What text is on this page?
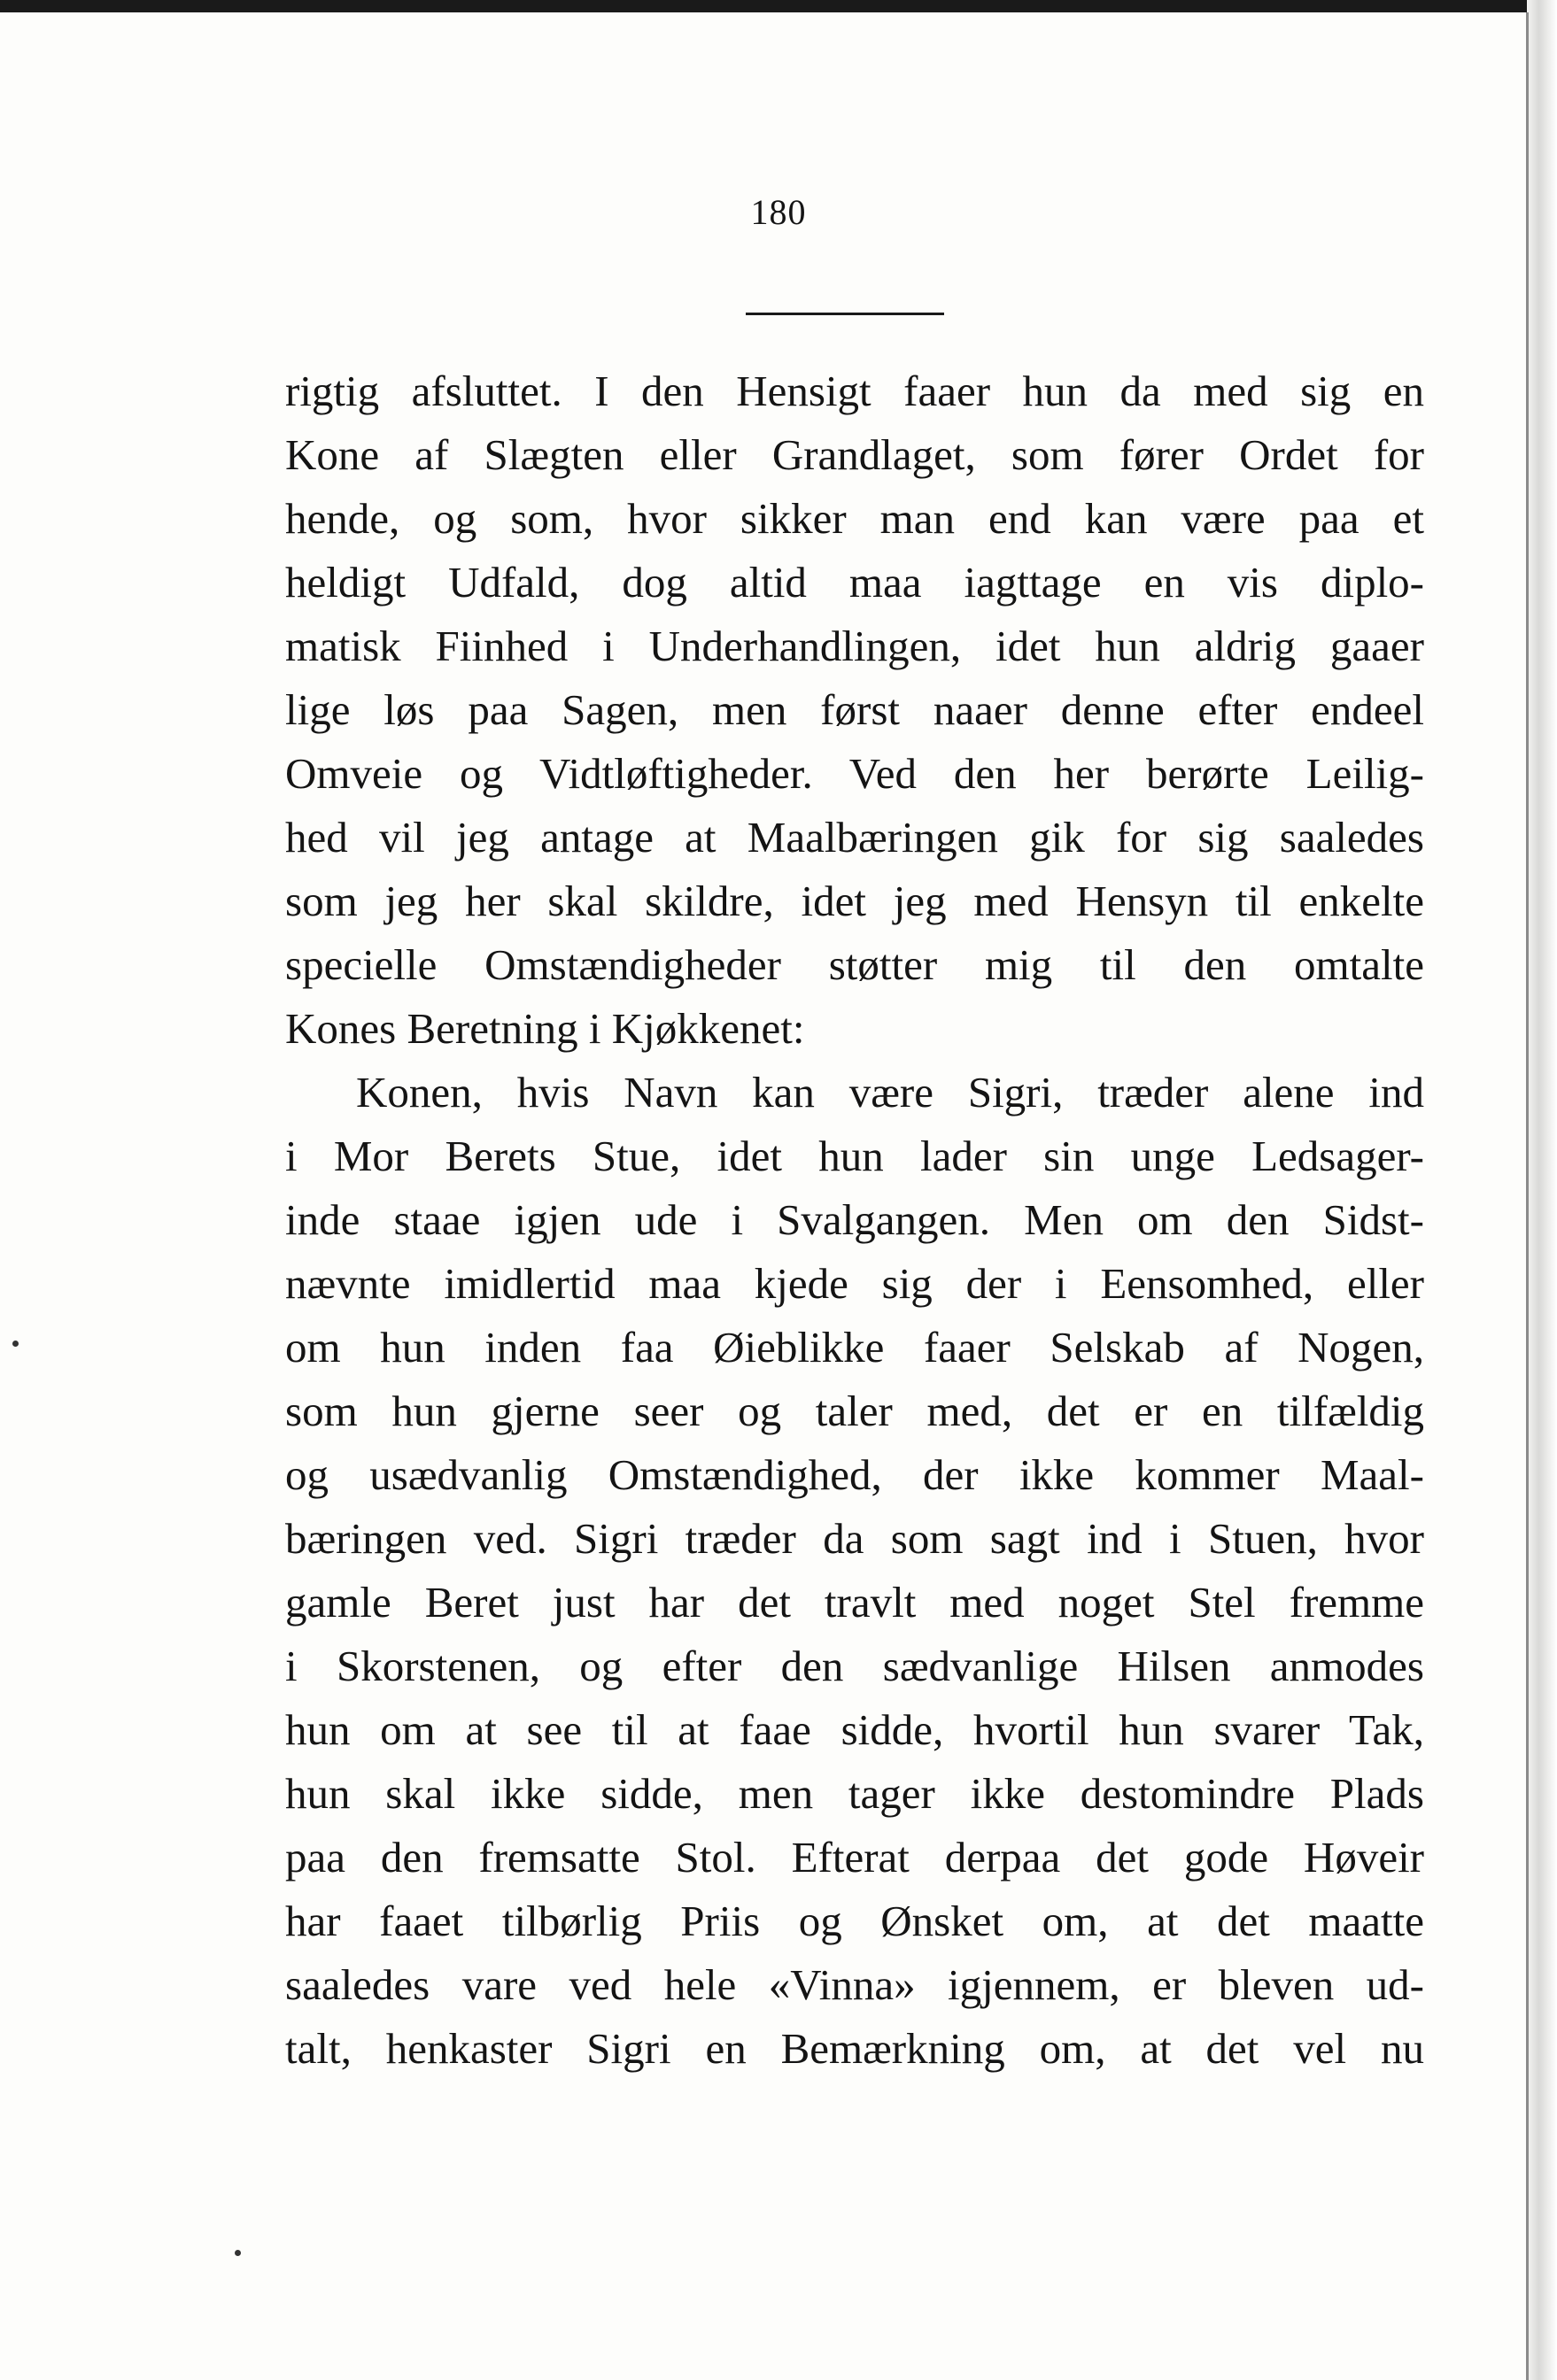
180
rigtig afsluttet. I den Hensigt faaer hun da med sig en
Kone af Slægten eller Grandlaget, som fører Ordet for
hende, og som, hvor sikker man end kan være paa et
heldigt Udfald, dog altid maa iagttage en vis diplo-
matisk Fiinhed i Underhandlingen, idet hun aldrig gaaer
lige løs paa Sagen, men først naaer denne efter endeel
Omveie og Vidtløftigheder. Ved den her berørte Leilig-
hed vil jeg antage at Maalbæringen gik for sig saaledes
som jeg her skal skildre, idet jeg med Hensyn til enkelte
specielle Omstændigheder støtter mig til den omtalte
Kones Beretning i Kjøkkenet:
Konen, hvis Navn kan være Sigri, træder alene ind
i Mor Berets Stue, idet hun lader sin unge Ledsager-
inde staae igjen ude i Svalgangen. Men om den Sidst-
nævnte imidlertid maa kjede sig der i Eensomhed, eller
om hun inden faa Øieblikke faaer Selskab af Nogen,
som hun gjerne seer og taler med, det er en tilfældig
og usædvanlig Omstændighed, der ikke kommer Maal-
bæringen ved. Sigri træder da som sagt ind i Stuen, hvor
gamle Beret just har det travlt med noget Stel fremme
i Skorstenen, og efter den sædvanlige Hilsen anmodes
hun om at see til at faae sidde, hvortil hun svarer Tak,
hun skal ikke sidde, men tager ikke destomindre Plads
paa den fremsatte Stol. Efterat derpaa det gode Høveir
har faaet tilbørlig Priis og Ønsket om, at det maatte
saaledes vare ved hele «Vinna» igjennem, er bleven ud-
talt, henkaster Sigri en Bemærkning om, at det vel nu
